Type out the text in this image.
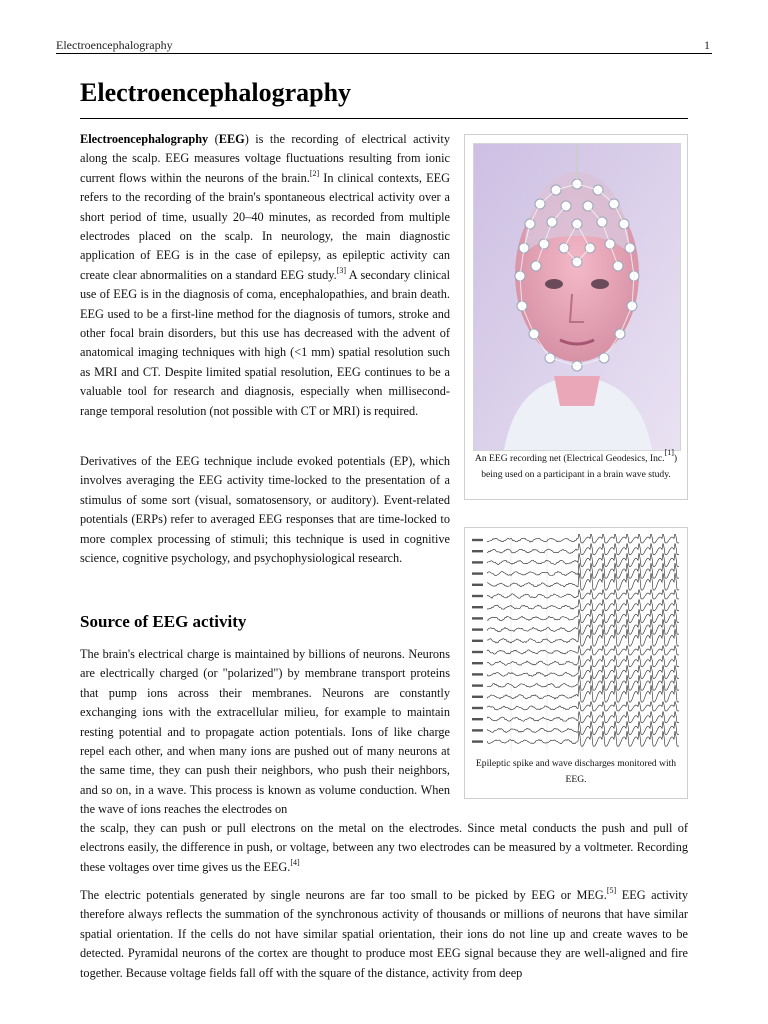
Electroencephalography	1
Electroencephalography

Electroencephalography (EEG) is the recording of electrical activity along the scalp. EEG measures voltage fluctuations resulting from ionic current flows within the neurons of the brain.[2] In clinical contexts, EEG refers to the recording of the brain's spontaneous electrical activity over a short period of time, usually 20–40 minutes, as recorded from multiple electrodes placed on the scalp. In neurology, the main diagnostic application of EEG is in the case of epilepsy, as epileptic activity can create clear abnormalities on a standard EEG study.[3] A secondary clinical use of EEG is in the diagnosis of coma, encephalopathies, and brain death. EEG used to be a first-line method for the diagnosis of tumors, stroke and other focal brain disorders, but this use has decreased with the advent of anatomical imaging techniques with high (<1 mm) spatial resolution such as MRI and CT. Despite limited spatial resolution, EEG continues to be a valuable tool for research and diagnosis, especially when millisecond-range temporal resolution (not possible with CT or MRI) is required.

Derivatives of the EEG technique include evoked potentials (EP), which involves averaging the EEG activity time-locked to the presentation of a stimulus of some sort (visual, somatosensory, or auditory). Event-related potentials (ERPs) refer to averaged EEG responses that are time-locked to more complex processing of stimuli; this technique is used in cognitive science, cognitive psychology, and psychophysiological research.

Source of EEG activity

The brain's electrical charge is maintained by billions of neurons. Neurons are electrically charged (or "polarized") by membrane transport proteins that pump ions across their membranes. Neurons are constantly exchanging ions with the extracellular milieu, for example to maintain resting potential and to propagate action potentials. Ions of like charge repel each other, and when many ions are pushed out of many neurons at the same time, they can push their neighbors, who push their neighbors, and so on, in a wave. This process is known as volume conduction. When the wave of ions reaches the electrodes on

the scalp, they can push or pull electrons on the metal on the electrodes. Since metal conducts the push and pull of electrons easily, the difference in push, or voltage, between any two electrodes can be measured by a voltmeter. Recording these voltages over time gives us the EEG.[4]

The electric potentials generated by single neurons are far too small to be picked by EEG or MEG.[5] EEG activity therefore always reflects the summation of the synchronous activity of thousands or millions of neurons that have similar spatial orientation. If the cells do not have similar spatial orientation, their ions do not line up and create waves to be detected. Pyramidal neurons of the cortex are thought to produce most EEG signal because they are well-aligned and fire together. Because voltage fields fall off with the square of the distance, activity from deep

An EEG recording net (Electrical Geodesics, Inc.[1]) being used on a participant in a brain wave study.
Epileptic spike and wave discharges monitored with EEG.
